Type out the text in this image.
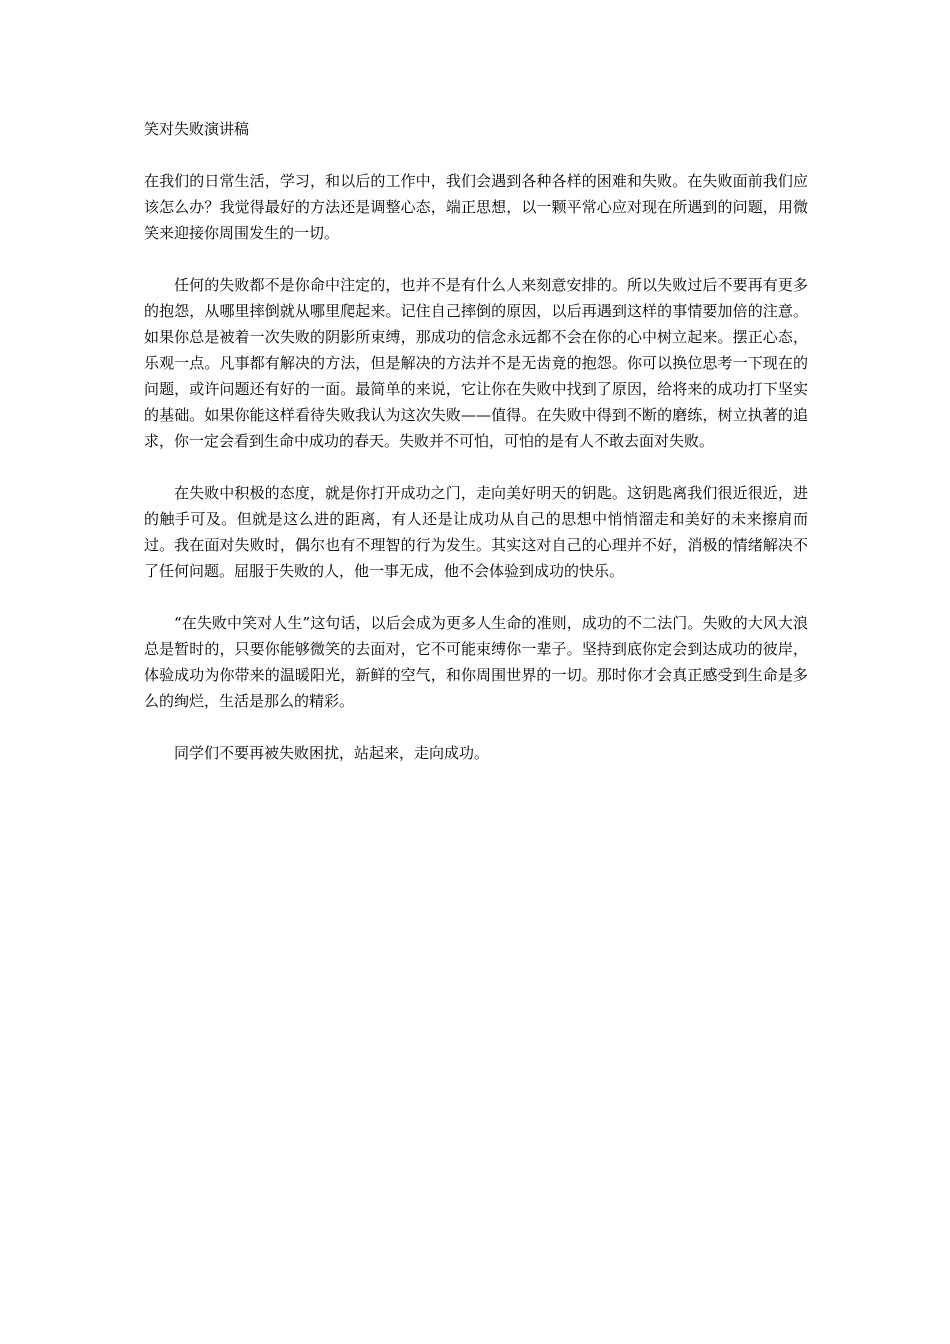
笑对失败演讲稿

在我们的日常生活，学习，和以后的工作中，我们会遇到各种各样的困难和失败。在失败面前我们应该怎么办？我觉得最好的方法还是调整心态，端正思想，以一颗平常心应对现在所遇到的问题，用微笑来迎接你周围发生的一切。

任何的失败都不是你命中注定的，也并不是有什么人来刻意安排的。所以失败过后不要再有更多的抱怨，从哪里摔倒就从哪里爬起来。记住自己摔倒的原因，以后再遇到这样的事情要加倍的注意。如果你总是被着一次失败的阴影所束缚，那成功的信念永远都不会在你的心中树立起来。摆正心态，乐观一点。凡事都有解决的方法，但是解决的方法并不是无齿竟的抱怨。你可以换位思考一下现在的问题，或许问题还有好的一面。最简单的来说，它让你在失败中找到了原因，给将来的成功打下坚实的基础。如果你能这样看待失败我认为这次失败——值得。在失败中得到不断的磨练，树立执著的追求，你一定会看到生命中成功的春天。失败并不可怕，可怕的是有人不敢去面对失败。

在失败中积极的态度，就是你打开成功之门，走向美好明天的钥匙。这钥匙离我们很近很近，进的触手可及。但就是这么进的距离，有人还是让成功从自己的思想中悄悄溜走和美好的未来擦肩而过。我在面对失败时，偶尔也有不理智的行为发生。其实这对自己的心理并不好，消极的情绪解决不了任何问题。屈服于失败的人，他一事无成，他不会体验到成功的快乐。

“在失败中笑对人生”这句话，以后会成为更多人生命的准则，成功的不二法门。失败的大风大浪总是暂时的，只要你能够微笑的去面对，它不可能束缚你一辈子。坚持到底你定会到达成功的彼岸，体验成功为你带来的温暖阳光，新鲜的空气，和你周围世界的一切。那时你才会真正感受到生命是多么的绚烂，生活是那么的精彩。

同学们不要再被失败困扰，站起来，走向成功。
